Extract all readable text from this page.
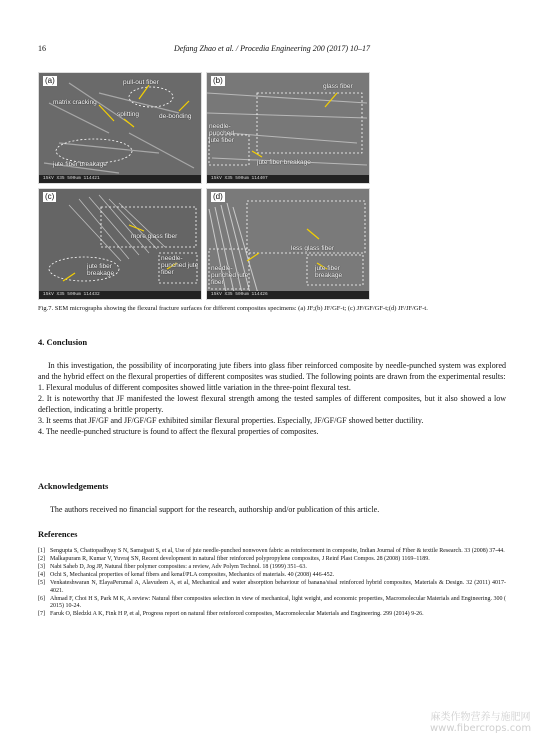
16	Defang Zhao et al. / Procedia Engineering 200 (2017) 10–17
(a)	pull-out fiber
matrix cracking
splitting	de-bonding
jute fiber breakage
15kV X35 500um 114421
(b)
glass fiber
needle-punched jute fiber
jute fiber breakage
15kV X35 500um 114407
(c)
more glass fiber
jute fiber breakage
needle-punched jute fiber
15kV X35 500um 114432
(d)
less glass fiber
needle-punched jute fiber
jute fiber breakage
15kV X35 500um 114426
Fig.7. SEM micrographs showing the flexural fracture surfaces for different composites specimens: (a) JF;(b) JF/GF-t; (c) JF/GF/GF-t;(d) JF/JF/GF-t.
4. Conclusion

In this investigation, the possibility of incorporating jute fibers into glass fiber reinforced composite by needle-punched system was explored and the hybrid effect on the flexural properties of different composites was studied. The following points are drawn from the experimental results:

1. Flexural modulus of different composites showed little variation in the three-point flexural test.

2. It is noteworthy that JF manifested the lowest flexural strength among the tested samples of different composites, but it also showed a low deflection, indicating a brittle property.

3. It seems that JF/GF and JF/GF/GF exhibited similar flexural properties. Especially, JF/GF/GF showed better ductility.

4. The needle-punched structure is found to affect the flexural properties of composites.

Acknowledgements

The authors received no financial support for the research, authorship and/or publication of this article.

References
[1] Sengupta S, Chattopadhyay S N, Samajpati S, et al, Use of jute needle-punched nonwoven fabric as reinforcement in composite, Indian Journal of Fiber & textile Research. 33 (2008) 37-44.
[2] Malkapuram R, Kumar V, Yuvraj SN, Recent development in natural fiber reinforced polypropylene composites, J Reinf Plast Compos. 28 (2008) 1169–1189.
[3] Nabi Saheb D, Jog JP, Natural fiber polymer composites: a review, Adv Polym Technol. 18 (1999) 351–63.
[4] Ochi S, Mechanical properties of kenaf fibers and kenaf/PLA composites, Mechanics of materials. 40 (2008) 446-452.
[5] Venkateshwaran N, ElayaPerumal A, Alavudeen A, et al, Mechanical and water absorption behaviour of banana/sisal reinforced hybrid composites, Materials & Design. 32 (2011) 4017-4021.
[6] Ahmad F, Choi H S, Park M K, A review: Natural fiber composites selection in view of mechanical, light weight, and economic properties, Macromolecular Materials and Engineering. 300 ( 2015) 10-24.
[7] Faruk O, Bledzki A K, Fink H P, et al, Progress report on natural fiber reinforced composites, Macromolecular Materials and Engineering. 299 (2014) 9-26.
麻类作物营养与施肥网
www.fibercrops.com
